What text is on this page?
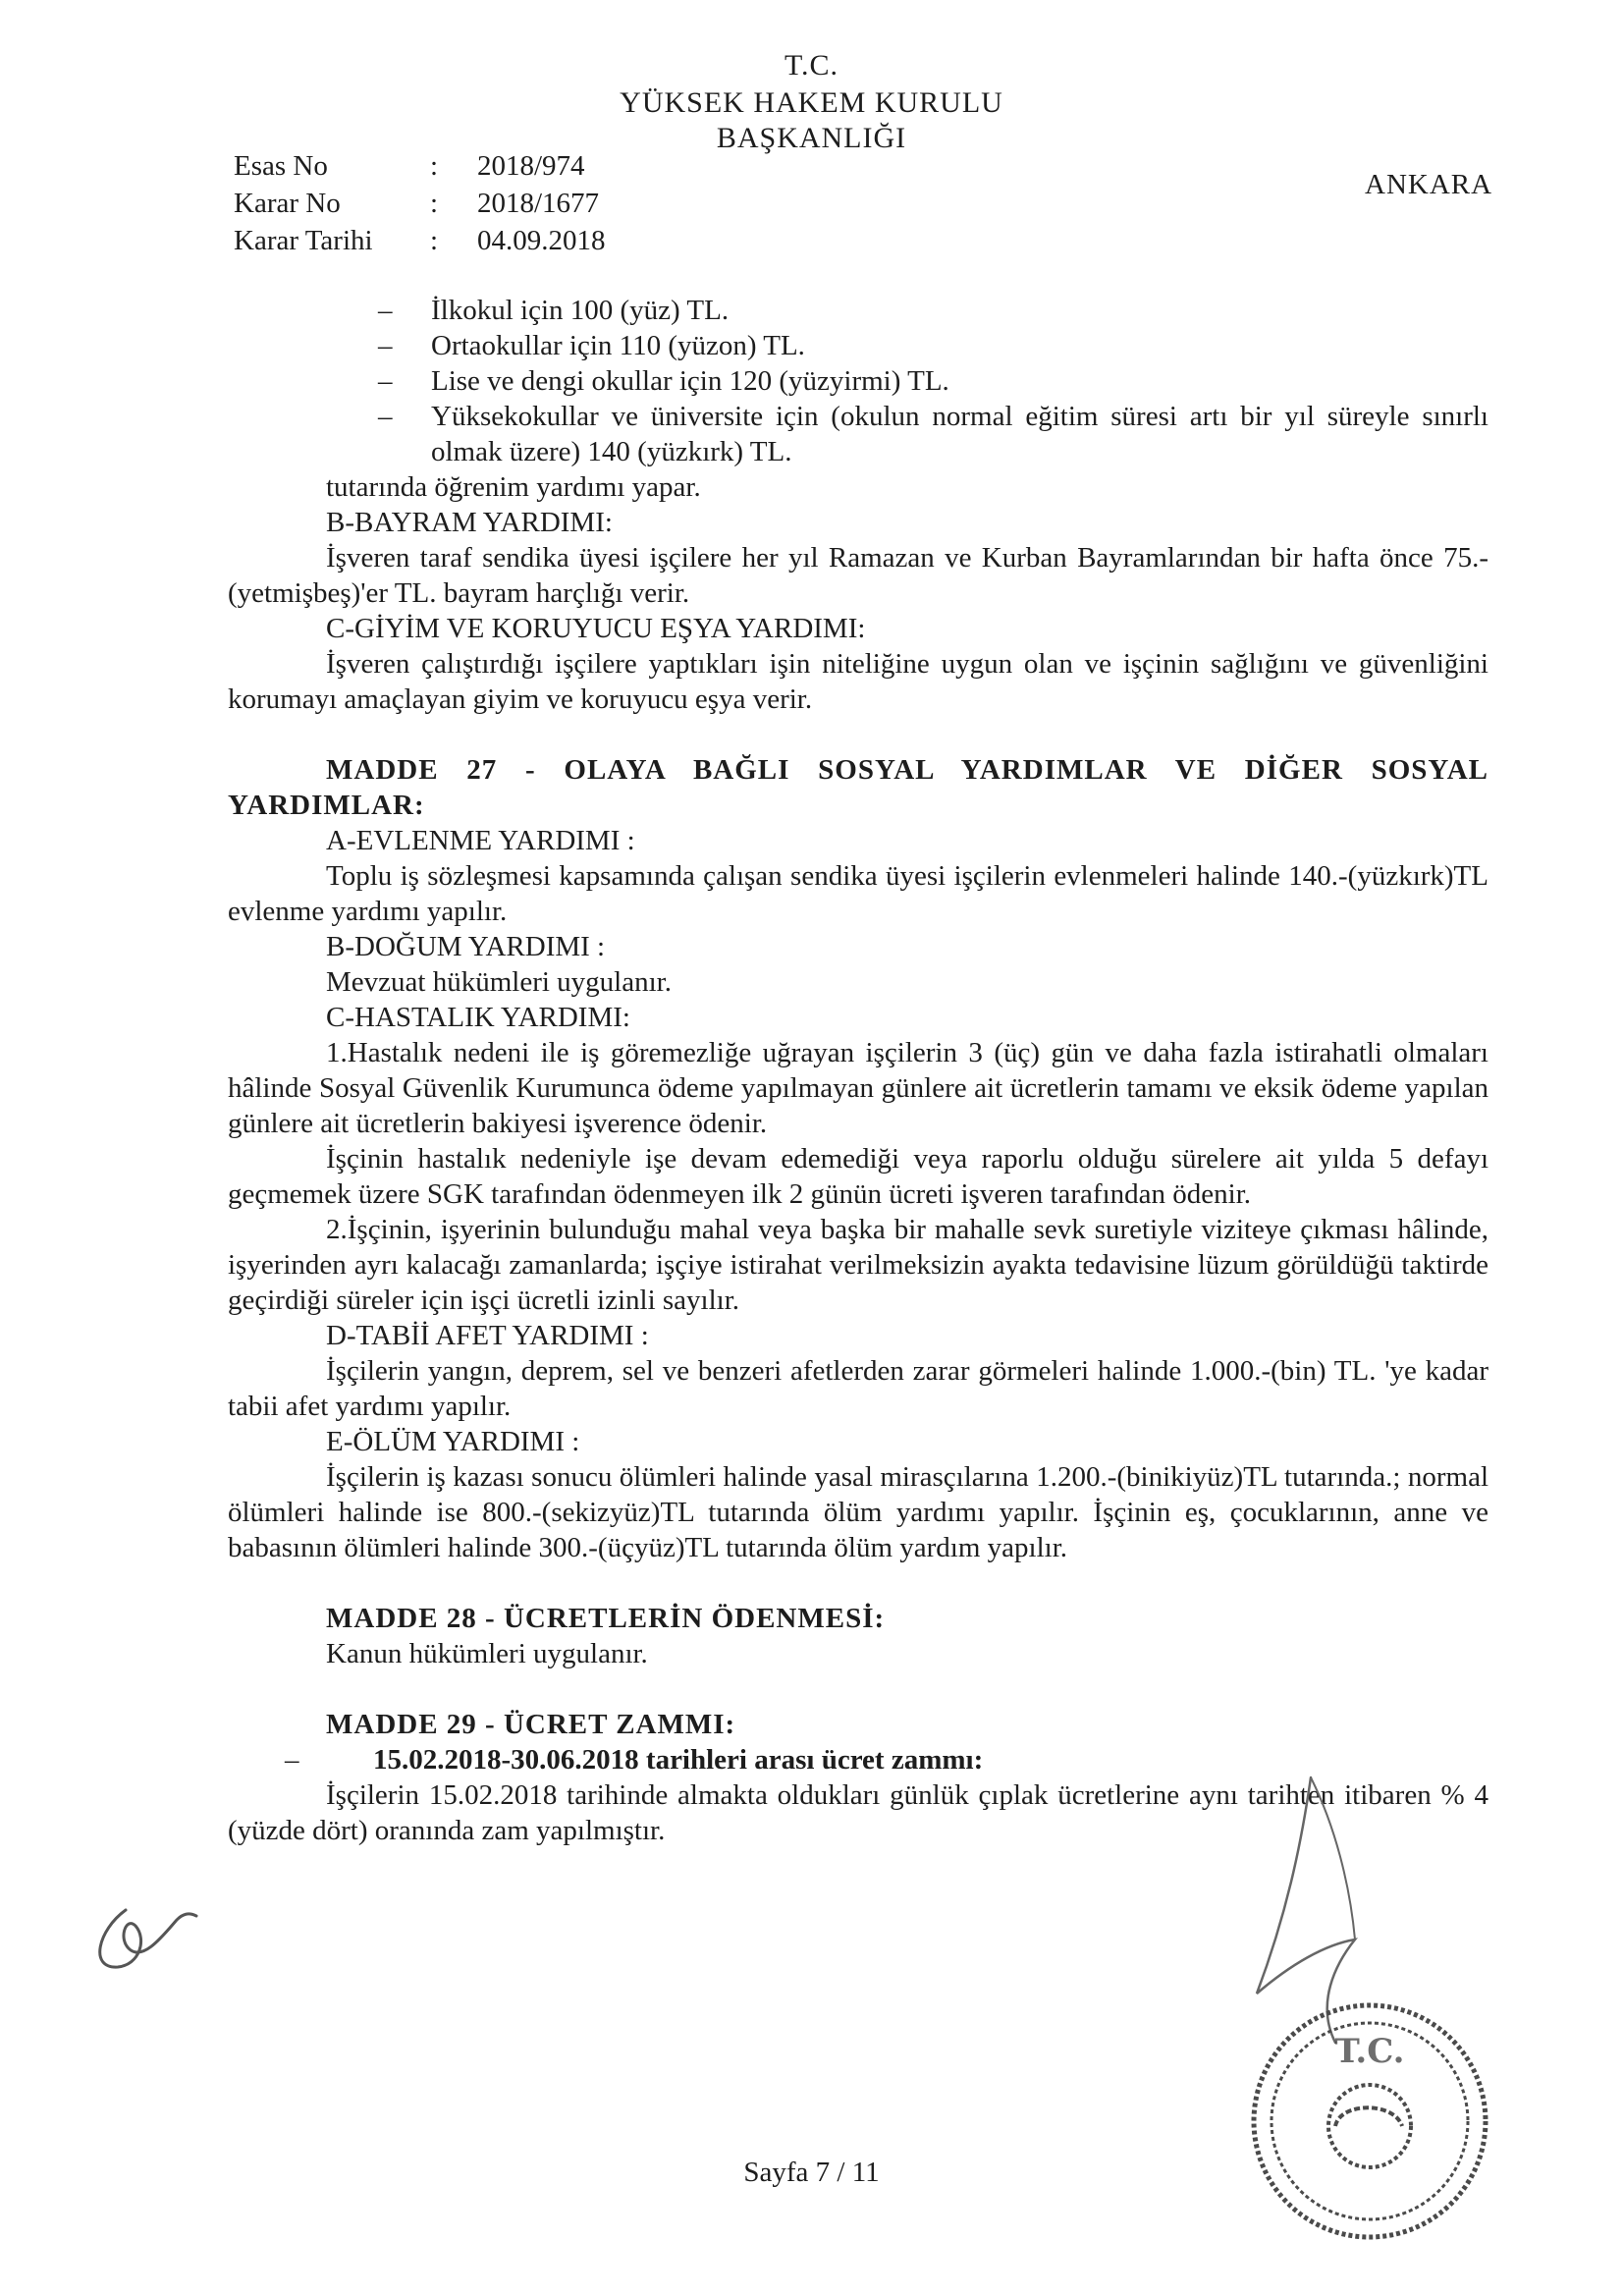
T.C.
YÜKSEK HAKEM KURULU
BAŞKANLIĞI
Esas No	: 2018/974
Karar No	: 2018/1677
Karar Tarihi : 04.09.2018
ANKARA
–	İlkokul için 100 (yüz) TL.
–	Ortaokullar için 110 (yüzon) TL.
–	Lise ve dengi okullar için 120 (yüzyirmi) TL.
–	Yüksekokullar ve üniversite için (okulun normal eğitim süresi artı bir yıl süreyle sınırlı olmak üzere) 140 (yüzkırk) TL.

tutarında öğrenim yardımı yapar.

B-BAYRAM YARDIMI:

İşveren taraf sendika üyesi işçilere her yıl Ramazan ve Kurban Bayramlarından bir hafta önce 75.-(yetmişbeş)'er TL. bayram harçlığı verir.

C-GİYİM VE KORUYUCU EŞYA YARDIMI:

İşveren çalıştırdığı işçilere yaptıkları işin niteliğine uygun olan ve işçinin sağlığını ve güvenliğini korumayı amaçlayan giyim ve koruyucu eşya verir.

MADDE 27 - OLAYA BAĞLI SOSYAL YARDIMLAR VE DİĞER SOSYAL YARDIMLAR:

A-EVLENME YARDIMI :

Toplu iş sözleşmesi kapsamında çalışan sendika üyesi işçilerin evlenmeleri halinde 140.-(yüzkırk)TL evlenme yardımı yapılır.

B-DOĞUM YARDIMI :

Mevzuat hükümleri uygulanır.

C-HASTALIK YARDIMI:

1.Hastalık nedeni ile iş göremezliğe uğrayan işçilerin 3 (üç) gün ve daha fazla istirahatli olmaları hâlinde Sosyal Güvenlik Kurumunca ödeme yapılmayan günlere ait ücretlerin tamamı ve eksik ödeme yapılan günlere ait ücretlerin bakiyesi işverence ödenir.

İşçinin hastalık nedeniyle işe devam edemediği veya raporlu olduğu sürelere ait yılda 5 defayı geçmemek üzere SGK tarafından ödenmeyen ilk 2 günün ücreti işveren tarafından ödenir.

2.İşçinin, işyerinin bulunduğu mahal veya başka bir mahalle sevk suretiyle viziteye çıkması hâlinde, işyerinden ayrı kalacağı zamanlarda; işçiye istirahat verilmeksizin ayakta tedavisine lüzum görüldüğü taktirde geçirdiği süreler için işçi ücretli izinli sayılır.

D-TABİİ AFET YARDIMI :

İşçilerin yangın, deprem, sel ve benzeri afetlerden zarar görmeleri halinde 1.000.-(bin) TL. 'ye kadar tabii afet yardımı yapılır.

E-ÖLÜM YARDIMI :

İşçilerin iş kazası sonucu ölümleri halinde yasal mirasçılarına 1.200.-(binikiyüz)TL tutarında.; normal ölümleri halinde ise 800.-(sekizyüz)TL tutarında ölüm yardımı yapılır. İşçinin eş, çocuklarının, anne ve babasının ölümleri halinde 300.-(üçyüz)TL tutarında ölüm yardım yapılır.

MADDE 28 - ÜCRETLERİN ÖDENMESİ:

Kanun hükümleri uygulanır.

MADDE 29 - ÜCRET ZAMMI:

–	15.02.2018-30.06.2018 tarihleri arası ücret zammı:

İşçilerin 15.02.2018 tarihinde almakta oldukları günlük çıplak ücretlerine aynı tarihten itibaren % 4 (yüzde dört) oranında zam yapılmıştır.

T.C.
Sayfa 7 / 11
